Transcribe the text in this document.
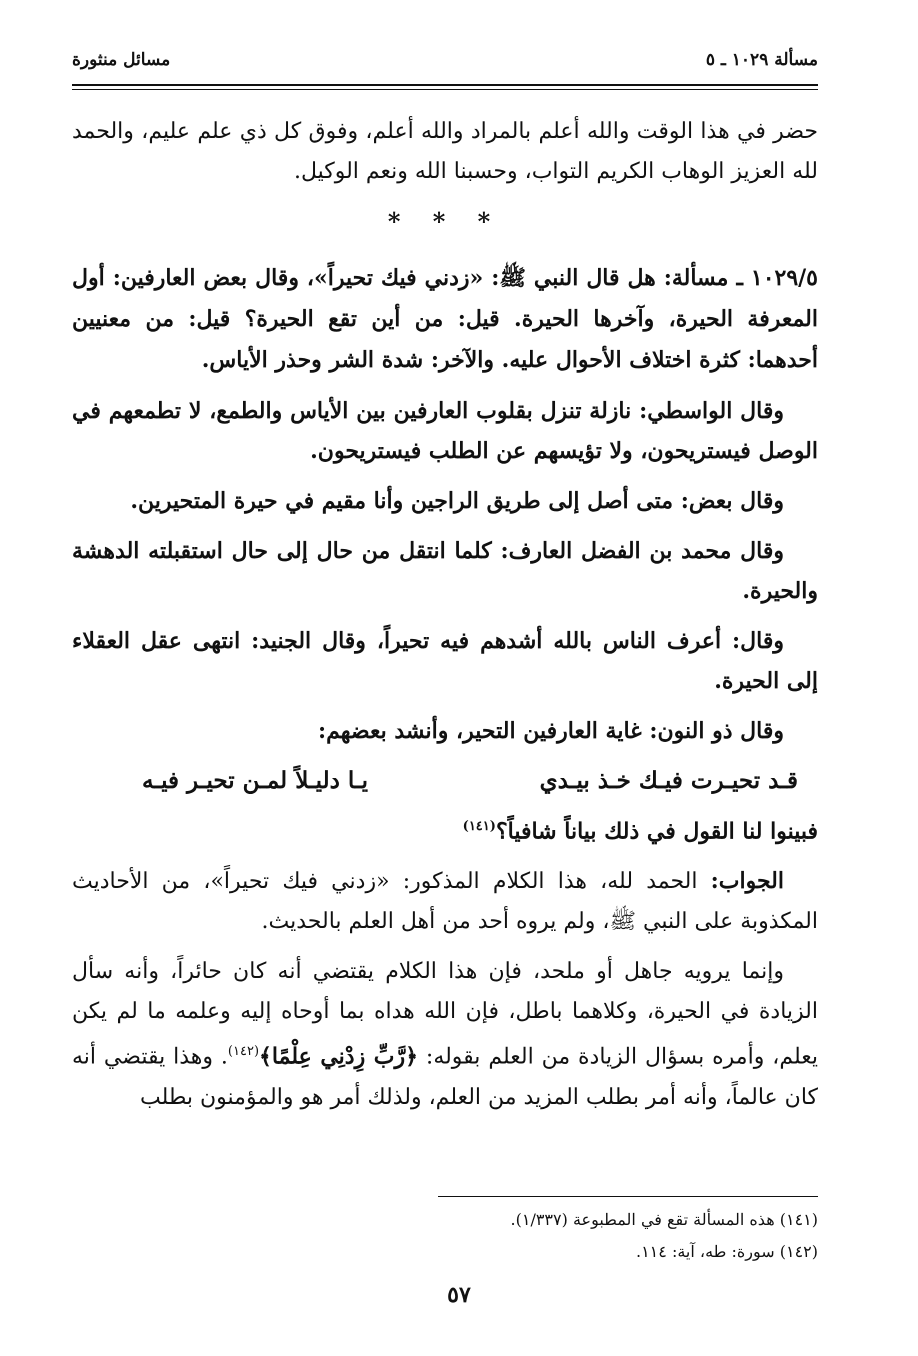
مسائل منثورة	مسألة ١٠٢٩ ـ ٥

حضر في هذا الوقت والله أعلم بالمراد والله أعلم، وفوق كل ذي علم عليم، والحمد لله العزيز الوهاب الكريم التواب، وحسبنا الله ونعم الوكيل.

* * *

١٠٢٩/٥ ـ مسألة: هل قال النبي ﷺ: «زدني فيك تحيراً»، وقال بعض العارفين: أول المعرفة الحيرة، وآخرها الحيرة. قيل: من أين تقع الحيرة؟ قيل: من معنيين أحدهما: كثرة اختلاف الأحوال عليه. والآخر: شدة الشر وحذر الأياس.

وقال الواسطي: نازلة تنزل بقلوب العارفين بين الأياس والطمع، لا تطمعهم في الوصل فيستريحون، ولا تؤيسهم عن الطلب فيستريحون.

وقال بعض: متى أصل إلى طريق الراجين وأنا مقيم في حيرة المتحيرين.

وقال محمد بن الفضل العارف: كلما انتقل من حال إلى حال استقبلته الدهشة والحيرة.

وقال: أعرف الناس بالله أشدهم فيه تحيراً، وقال الجنيد: انتهى عقل العقلاء إلى الحيرة.

وقال ذو النون: غاية العارفين التحير، وأنشد بعضهم:

قـد تحيـرت فيـك خـذ بيـدي
يـا دليـلاً لمـن تحيـر فيـه

فبينوا لنا القول في ذلك بياناً شافياً؟$^{(١٤١)}$

الجواب: الحمد لله، هذا الكلام المذكور: «زدني فيك تحيراً»، من الأحاديث المكذوبة على النبي ﷺ، ولم يروه أحد من أهل العلم بالحديث.

وإنما يرويه جاهل أو ملحد، فإن هذا الكلام يقتضي أنه كان حائراً، وأنه سأل الزيادة في الحيرة، وكلاهما باطل، فإن الله هداه بما أوحاه إليه وعلمه ما لم يكن يعلم، وأمره بسؤال الزيادة من العلم بقوله: ﴿رَّبِّ زِدْنِي عِلْمًا﴾$^{(١٤٢)}$. وهذا يقتضي أنه كان عالماً، وأنه أمر بطلب المزيد من العلم، ولذلك أمر هو والمؤمنون بطلب

(١٤١) هذه المسألة تقع في المطبوعة (١/٣٣٧).
(١٤٢) سورة: طه، آية: ١١٤.
٥٧
